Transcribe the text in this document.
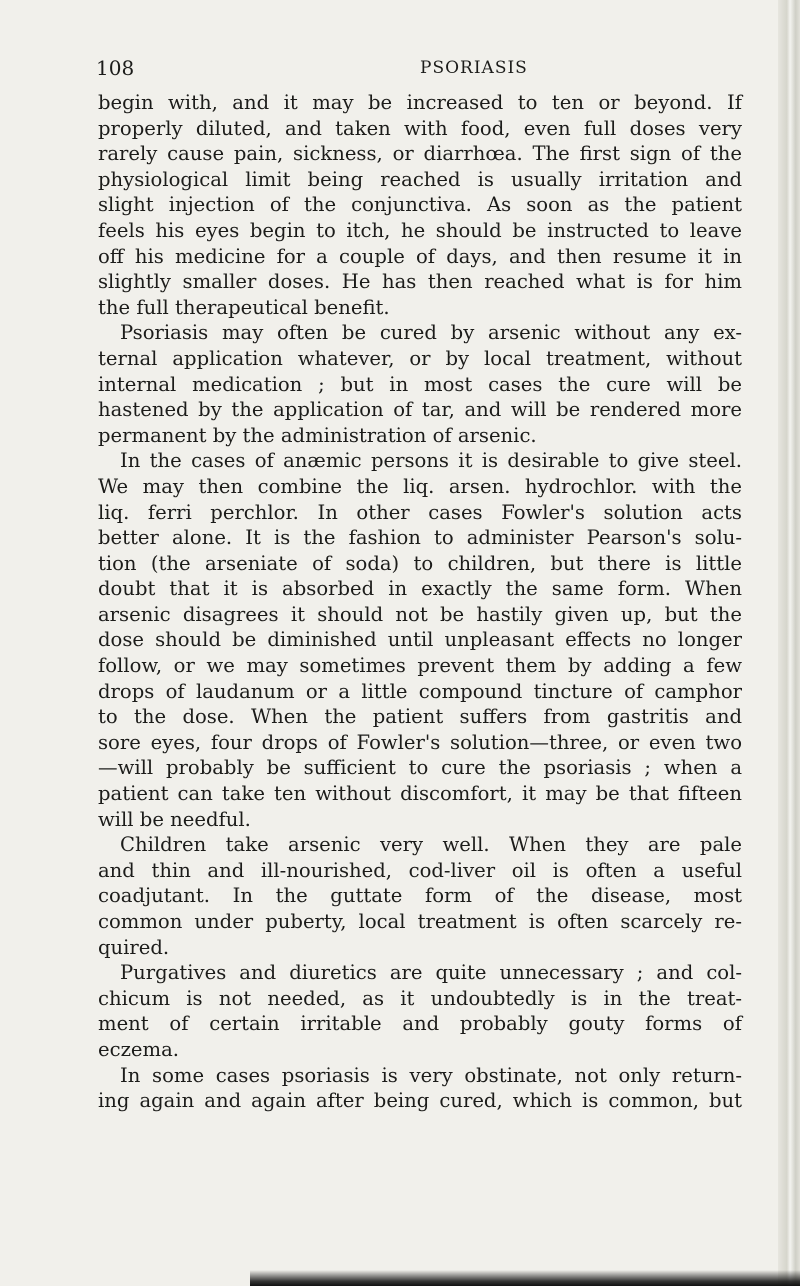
108	PSORIASIS
begin with, and it may be increased to ten or beyond. If
properly diluted, and taken with food, even full doses very
rarely cause pain, sickness, or diarrhœa. The first sign of the
physiological limit being reached is usually irritation and
slight injection of the conjunctiva. As soon as the patient
feels his eyes begin to itch, he should be instructed to leave
off his medicine for a couple of days, and then resume it in
slightly smaller doses. He has then reached what is for him
the full therapeutical benefit.
Psoriasis may often be cured by arsenic without any ex-
ternal application whatever, or by local treatment, without
internal medication ; but in most cases the cure will be
hastened by the application of tar, and will be rendered more
permanent by the administration of arsenic.
In the cases of anæmic persons it is desirable to give steel.
We may then combine the liq. arsen. hydrochlor. with the
liq. ferri perchlor. In other cases Fowler's solution acts
better alone. It is the fashion to administer Pearson's solu-
tion (the arseniate of soda) to children, but there is little
doubt that it is absorbed in exactly the same form. When
arsenic disagrees it should not be hastily given up, but the
dose should be diminished until unpleasant effects no longer
follow, or we may sometimes prevent them by adding a few
drops of laudanum or a little compound tincture of camphor
to the dose. When the patient suffers from gastritis and
sore eyes, four drops of Fowler's solution—three, or even two
—will probably be sufficient to cure the psoriasis ; when a
patient can take ten without discomfort, it may be that fifteen
will be needful.
Children take arsenic very well. When they are pale
and thin and ill-nourished, cod-liver oil is often a useful
coadjutant. In the guttate form of the disease, most
common under puberty, local treatment is often scarcely re-
quired.
Purgatives and diuretics are quite unnecessary ; and col-
chicum is not needed, as it undoubtedly is in the treat-
ment of certain irritable and probably gouty forms of
eczema.
In some cases psoriasis is very obstinate, not only return-
ing again and again after being cured, which is common, but
